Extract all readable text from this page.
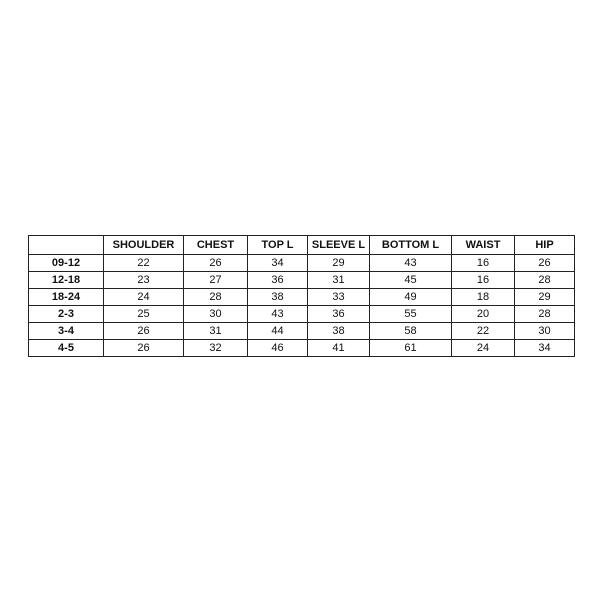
	SHOULDER	CHEST	TOP L	SLEEVE L	BOTTOM L	WAIST	HIP
09-12	22	26	34	29	43	16	26
12-18	23	27	36	31	45	16	28
18-24	24	28	38	33	49	18	29
2-3	25	30	43	36	55	20	28
3-4	26	31	44	38	58	22	30
4-5	26	32	46	41	61	24	34
